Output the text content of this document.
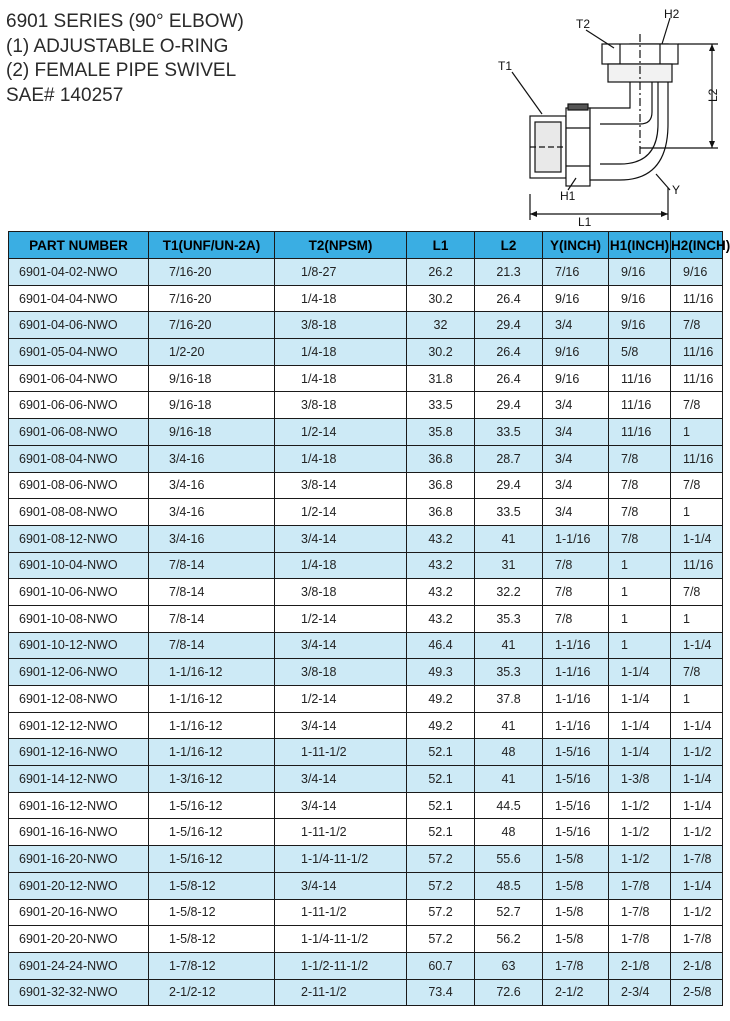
6901 SERIES (90° ELBOW)
(1) ADJUSTABLE O-RING
(2) FEMALE PIPE SWIVEL
SAE# 140257
T1
T2
H2
H1
L1
Y
L2
PART NUMBER	T1(UNF/UN-2A)	T2(NPSM)	L1	L2	Y(INCH)	H1(INCH)	H2(INCH)
6901-04-02-NWO	7/16-20	1/8-27	26.2	21.3	7/16	9/16	9/16
6901-04-04-NWO	7/16-20	1/4-18	30.2	26.4	9/16	9/16	11/16
6901-04-06-NWO	7/16-20	3/8-18	32	29.4	3/4	9/16	7/8
6901-05-04-NWO	1/2-20	1/4-18	30.2	26.4	9/16	5/8	11/16
6901-06-04-NWO	9/16-18	1/4-18	31.8	26.4	9/16	11/16	11/16
6901-06-06-NWO	9/16-18	3/8-18	33.5	29.4	3/4	11/16	7/8
6901-06-08-NWO	9/16-18	1/2-14	35.8	33.5	3/4	11/16	1
6901-08-04-NWO	3/4-16	1/4-18	36.8	28.7	3/4	7/8	11/16
6901-08-06-NWO	3/4-16	3/8-14	36.8	29.4	3/4	7/8	7/8
6901-08-08-NWO	3/4-16	1/2-14	36.8	33.5	3/4	7/8	1
6901-08-12-NWO	3/4-16	3/4-14	43.2	41	1-1/16	7/8	1-1/4
6901-10-04-NWO	7/8-14	1/4-18	43.2	31	7/8	1	11/16
6901-10-06-NWO	7/8-14	3/8-18	43.2	32.2	7/8	1	7/8
6901-10-08-NWO	7/8-14	1/2-14	43.2	35.3	7/8	1	1
6901-10-12-NWO	7/8-14	3/4-14	46.4	41	1-1/16	1	1-1/4
6901-12-06-NWO	1-1/16-12	3/8-18	49.3	35.3	1-1/16	1-1/4	7/8
6901-12-08-NWO	1-1/16-12	1/2-14	49.2	37.8	1-1/16	1-1/4	1
6901-12-12-NWO	1-1/16-12	3/4-14	49.2	41	1-1/16	1-1/4	1-1/4
6901-12-16-NWO	1-1/16-12	1-11-1/2	52.1	48	1-5/16	1-1/4	1-1/2
6901-14-12-NWO	1-3/16-12	3/4-14	52.1	41	1-5/16	1-3/8	1-1/4
6901-16-12-NWO	1-5/16-12	3/4-14	52.1	44.5	1-5/16	1-1/2	1-1/4
6901-16-16-NWO	1-5/16-12	1-11-1/2	52.1	48	1-5/16	1-1/2	1-1/2
6901-16-20-NWO	1-5/16-12	1-1/4-11-1/2	57.2	55.6	1-5/8	1-1/2	1-7/8
6901-20-12-NWO	1-5/8-12	3/4-14	57.2	48.5	1-5/8	1-7/8	1-1/4
6901-20-16-NWO	1-5/8-12	1-11-1/2	57.2	52.7	1-5/8	1-7/8	1-1/2
6901-20-20-NWO	1-5/8-12	1-1/4-11-1/2	57.2	56.2	1-5/8	1-7/8	1-7/8
6901-24-24-NWO	1-7/8-12	1-1/2-11-1/2	60.7	63	1-7/8	2-1/8	2-1/8
6901-32-32-NWO	2-1/2-12	2-11-1/2	73.4	72.6	2-1/2	2-3/4	2-5/8
